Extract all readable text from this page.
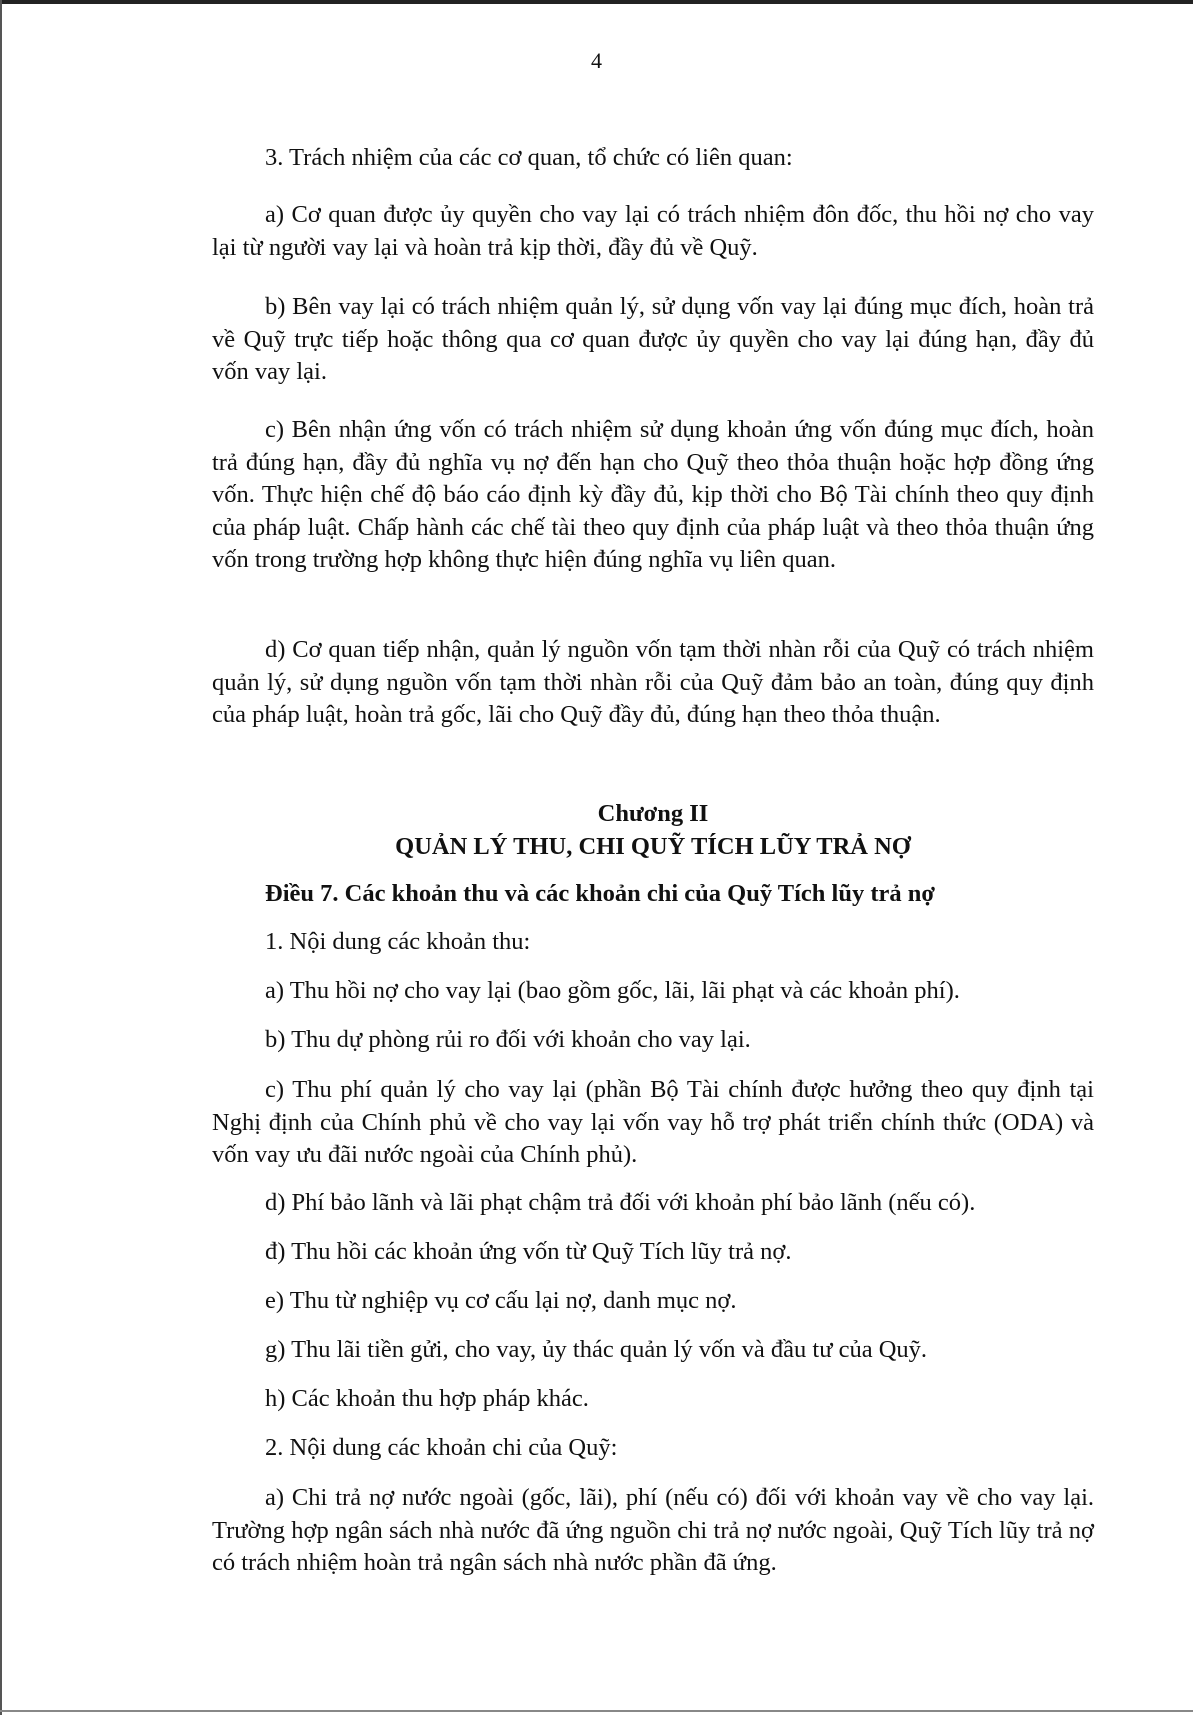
4

3. Trách nhiệm của các cơ quan, tổ chức có liên quan:

a) Cơ quan được ủy quyền cho vay lại có trách nhiệm đôn đốc, thu hồi nợ cho vay lại từ người vay lại và hoàn trả kịp thời, đầy đủ về Quỹ.

b) Bên vay lại có trách nhiệm quản lý, sử dụng vốn vay lại đúng mục đích, hoàn trả về Quỹ trực tiếp hoặc thông qua cơ quan được ủy quyền cho vay lại đúng hạn, đầy đủ vốn vay lại.

c) Bên nhận ứng vốn có trách nhiệm sử dụng khoản ứng vốn đúng mục đích, hoàn trả đúng hạn, đầy đủ nghĩa vụ nợ đến hạn cho Quỹ theo thỏa thuận hoặc hợp đồng ứng vốn. Thực hiện chế độ báo cáo định kỳ đầy đủ, kịp thời cho Bộ Tài chính theo quy định của pháp luật. Chấp hành các chế tài theo quy định của pháp luật và theo thỏa thuận ứng vốn trong trường hợp không thực hiện đúng nghĩa vụ liên quan.

d) Cơ quan tiếp nhận, quản lý nguồn vốn tạm thời nhàn rỗi của Quỹ có trách nhiệm quản lý, sử dụng nguồn vốn tạm thời nhàn rỗi của Quỹ đảm bảo an toàn, đúng quy định của pháp luật, hoàn trả gốc, lãi cho Quỹ đầy đủ, đúng hạn theo thỏa thuận.

Chương II
QUẢN LÝ THU, CHI QUỸ TÍCH LŨY TRẢ NỢ

Điều 7. Các khoản thu và các khoản chi của Quỹ Tích lũy trả nợ

1. Nội dung các khoản thu:

a) Thu hồi nợ cho vay lại (bao gồm gốc, lãi, lãi phạt và các khoản phí).

b) Thu dự phòng rủi ro đối với khoản cho vay lại.

c) Thu phí quản lý cho vay lại (phần Bộ Tài chính được hưởng theo quy định tại Nghị định của Chính phủ về cho vay lại vốn vay hỗ trợ phát triển chính thức (ODA) và vốn vay ưu đãi nước ngoài của Chính phủ).

d) Phí bảo lãnh và lãi phạt chậm trả đối với khoản phí bảo lãnh (nếu có).

đ) Thu hồi các khoản ứng vốn từ Quỹ Tích lũy trả nợ.

e) Thu từ nghiệp vụ cơ cấu lại nợ, danh mục nợ.

g) Thu lãi tiền gửi, cho vay, ủy thác quản lý vốn và đầu tư của Quỹ.

h) Các khoản thu hợp pháp khác.

2. Nội dung các khoản chi của Quỹ:

a) Chi trả nợ nước ngoài (gốc, lãi), phí (nếu có) đối với khoản vay về cho vay lại. Trường hợp ngân sách nhà nước đã ứng nguồn chi trả nợ nước ngoài, Quỹ Tích lũy trả nợ có trách nhiệm hoàn trả ngân sách nhà nước phần đã ứng.
